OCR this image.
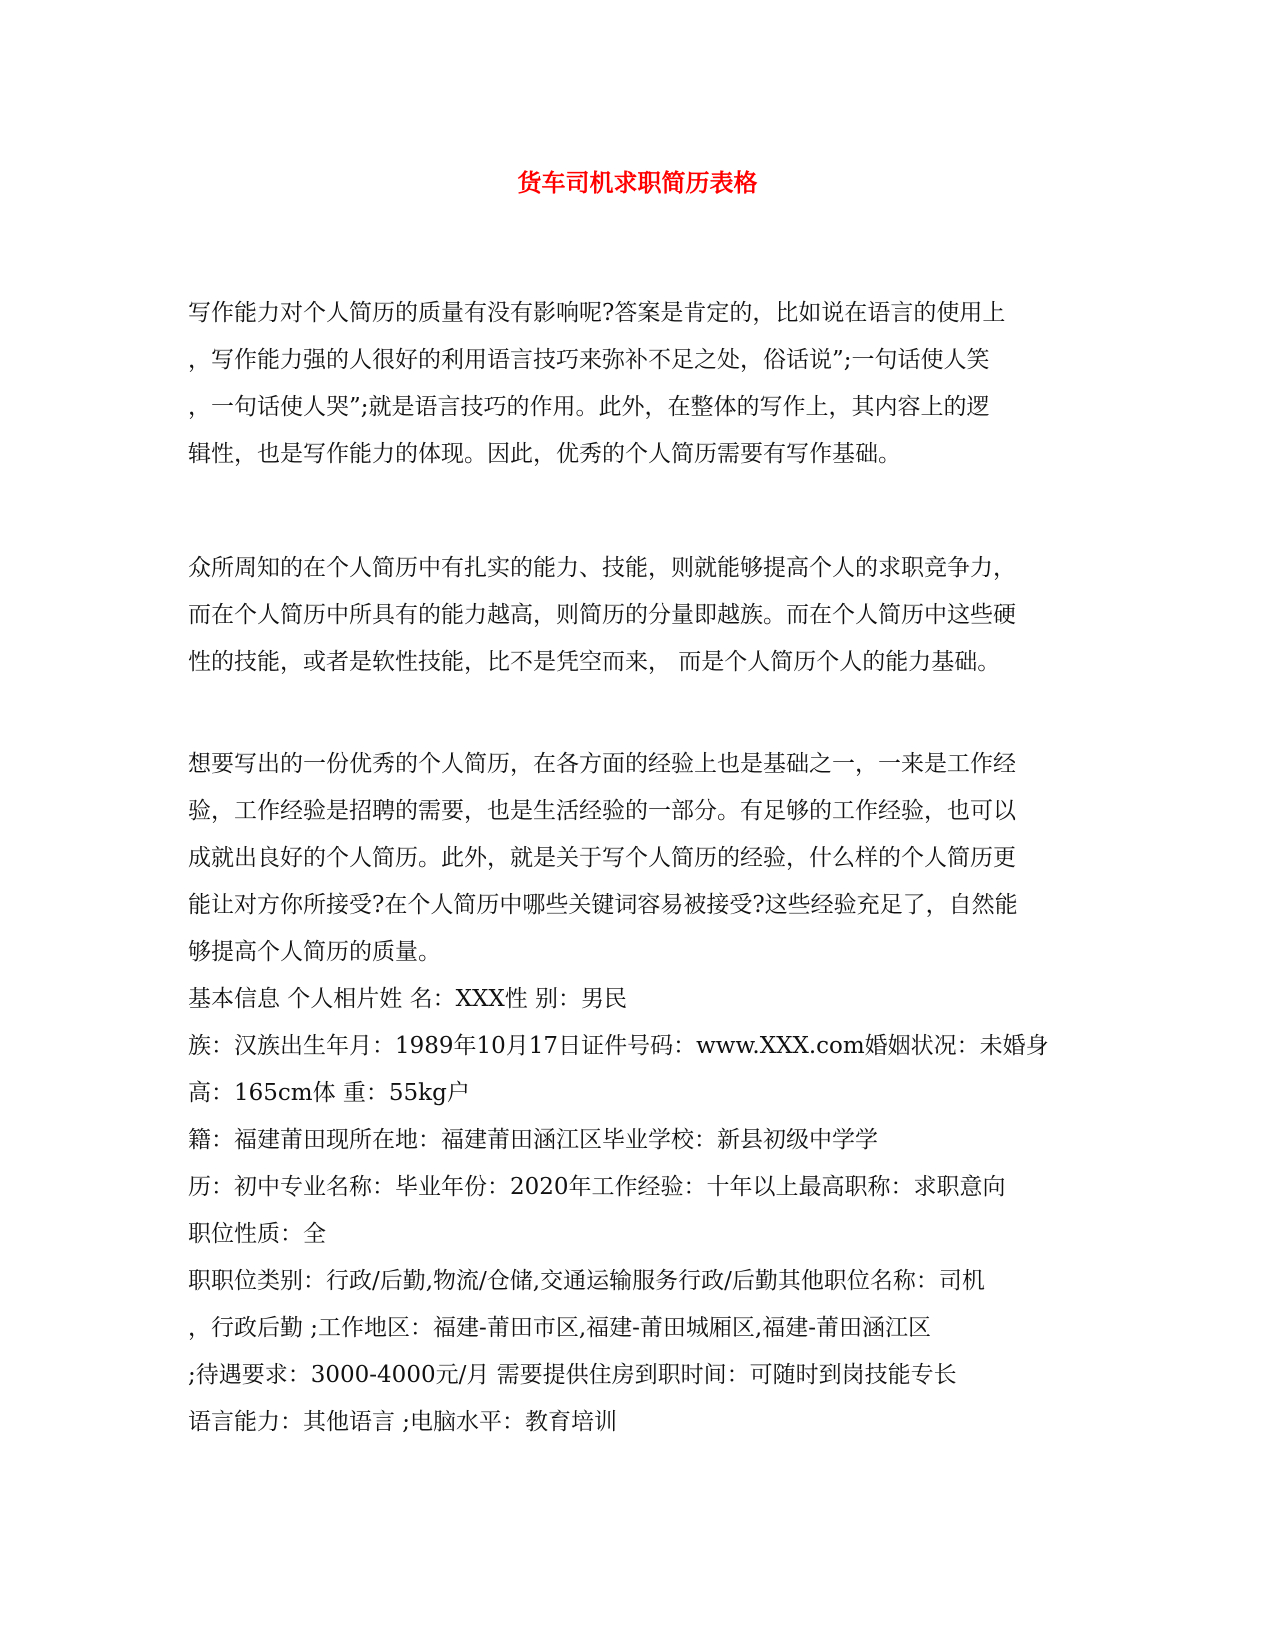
货车司机求职简历表格
写作能力对个人简历的质量有没有影响呢?答案是肯定的，比如说在语言的使用上
，写作能力强的人很好的利用语言技巧来弥补不足之处，俗话说”;一句话使人笑
，一句话使人哭”;就是语言技巧的作用。此外，在整体的写作上，其内容上的逻
辑性，也是写作能力的体现。因此，优秀的个人简历需要有写作基础。
众所周知的在个人简历中有扎实的能力、技能，则就能够提高个人的求职竞争力，
而在个人简历中所具有的能力越高，则简历的分量即越族。而在个人简历中这些硬
性的技能，或者是软性技能，比不是凭空而来， 而是个人简历个人的能力基础。
想要写出的一份优秀的个人简历，在各方面的经验上也是基础之一，一来是工作经
验，工作经验是招聘的需要，也是生活经验的一部分。有足够的工作经验，也可以
成就出良好的个人简历。此外，就是关于写个人简历的经验，什么样的个人简历更
能让对方你所接受?在个人简历中哪些关键词容易被接受?这些经验充足了，自然能
够提高个人简历的质量。
基本信息 个人相片姓 名：XXX性 别：男民
族：汉族出生年月：1989年10月17日证件号码：www.XXX.com婚姻状况：未婚身
高：165cm体 重：55kg户
籍：福建莆田现所在地：福建莆田涵江区毕业学校：新县初级中学学
历：初中专业名称：毕业年份：2020年工作经验：十年以上最高职称：求职意向
职位性质：全
职职位类别：行政/后勤,物流/仓储,交通运输服务行政/后勤其他职位名称：司机
，行政后勤 ;工作地区：福建-莆田市区,福建-莆田城厢区,福建-莆田涵江区
;待遇要求：3000-4000元/月 需要提供住房到职时间：可随时到岗技能专长
语言能力：其他语言 ;电脑水平：教育培训
